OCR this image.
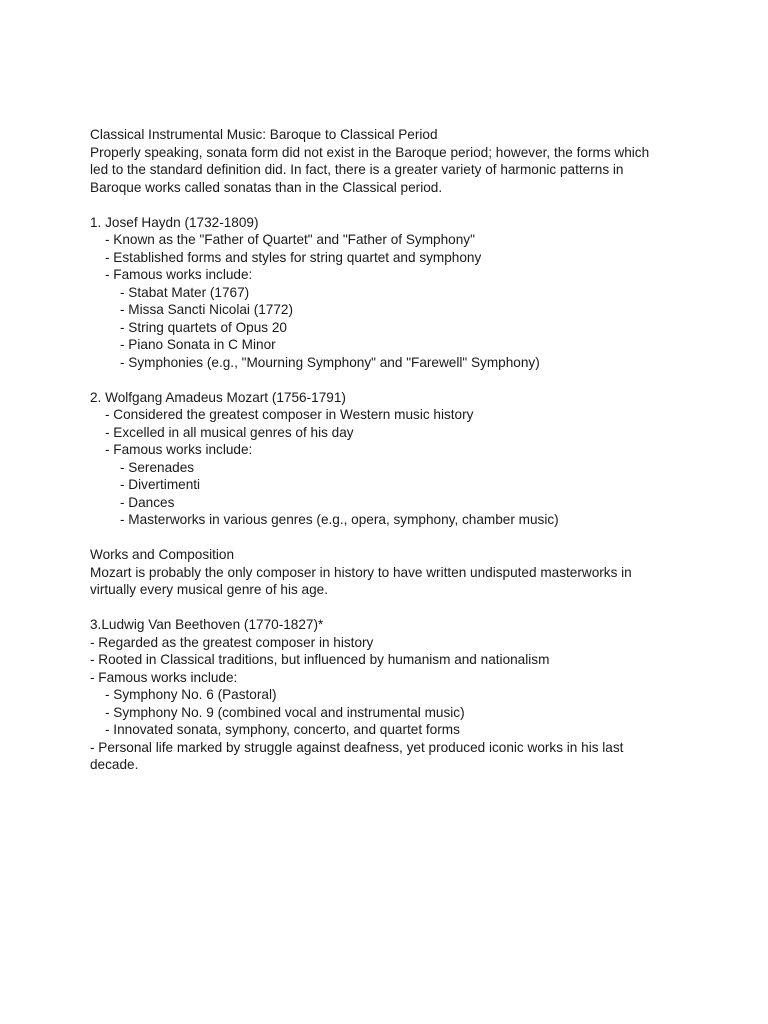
Classical Instrumental Music: Baroque to Classical Period
Properly speaking, sonata form did not exist in the Baroque period; however, the forms which led to the standard definition did. In fact, there is a greater variety of harmonic patterns in Baroque works called sonatas than in the Classical period.
1. Josef Haydn (1732-1809)
- Known as the "Father of Quartet" and "Father of Symphony"
- Established forms and styles for string quartet and symphony
- Famous works include:
- Stabat Mater (1767)
- Missa Sancti Nicolai (1772)
- String quartets of Opus 20
- Piano Sonata in C Minor
- Symphonies (e.g., "Mourning Symphony" and "Farewell" Symphony)
2. Wolfgang Amadeus Mozart (1756-1791)
- Considered the greatest composer in Western music history
- Excelled in all musical genres of his day
- Famous works include:
- Serenades
- Divertimenti
- Dances
- Masterworks in various genres (e.g., opera, symphony, chamber music)
Works and Composition
Mozart is probably the only composer in history to have written undisputed masterworks in virtually every musical genre of his age.
3.Ludwig Van Beethoven (1770-1827)*
- Regarded as the greatest composer in history
- Rooted in Classical traditions, but influenced by humanism and nationalism
- Famous works include:
- Symphony No. 6 (Pastoral)
- Symphony No. 9 (combined vocal and instrumental music)
- Innovated sonata, symphony, concerto, and quartet forms
- Personal life marked by struggle against deafness, yet produced iconic works in his last decade.
